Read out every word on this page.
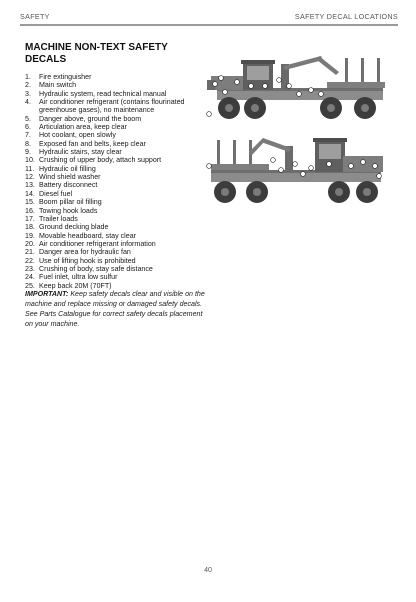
SAFETY	SAFETY DECAL LOCATIONS
MACHINE NON-TEXT SAFETY DECALS
1.	Fire extinguisher
2.	Main switch
3.	Hydraulic system, read technical manual
4.	Air conditioner refrigerant (contains flourinated greenhouse gases), no maintenance
5.	Danger above, ground the boom
6.	Articulation area, keep clear
7.	Hot coolant, open slowly
8.	Exposed fan and belts, keep clear
9.	Hydraulic stairs, stay clear
10. Crushing of upper body, attach support
11. Hydraulic oil filling
12. Wind shield washer
13. Battery disconnect
14. Diesel fuel
15. Boom pillar oil filling
16. Towing hook loads
17. Trailer loads
18. Ground decking blade
19. Movable headboard, stay clear
20. Air conditioner refrigerant information
21. Danger area for hydraulic fan
22. Use of lifting hook is prohibited
23. Crushing of body, stay safe distance
24. Fuel inlet, ultra low sulfur
25. Keep back 20M (70FT)
IMPORTANT: Keep safety decals clear and visible on the machine and replace missing or damaged safety decals. See Parts Catalogue for correct safety decals placement on your machine.
40
